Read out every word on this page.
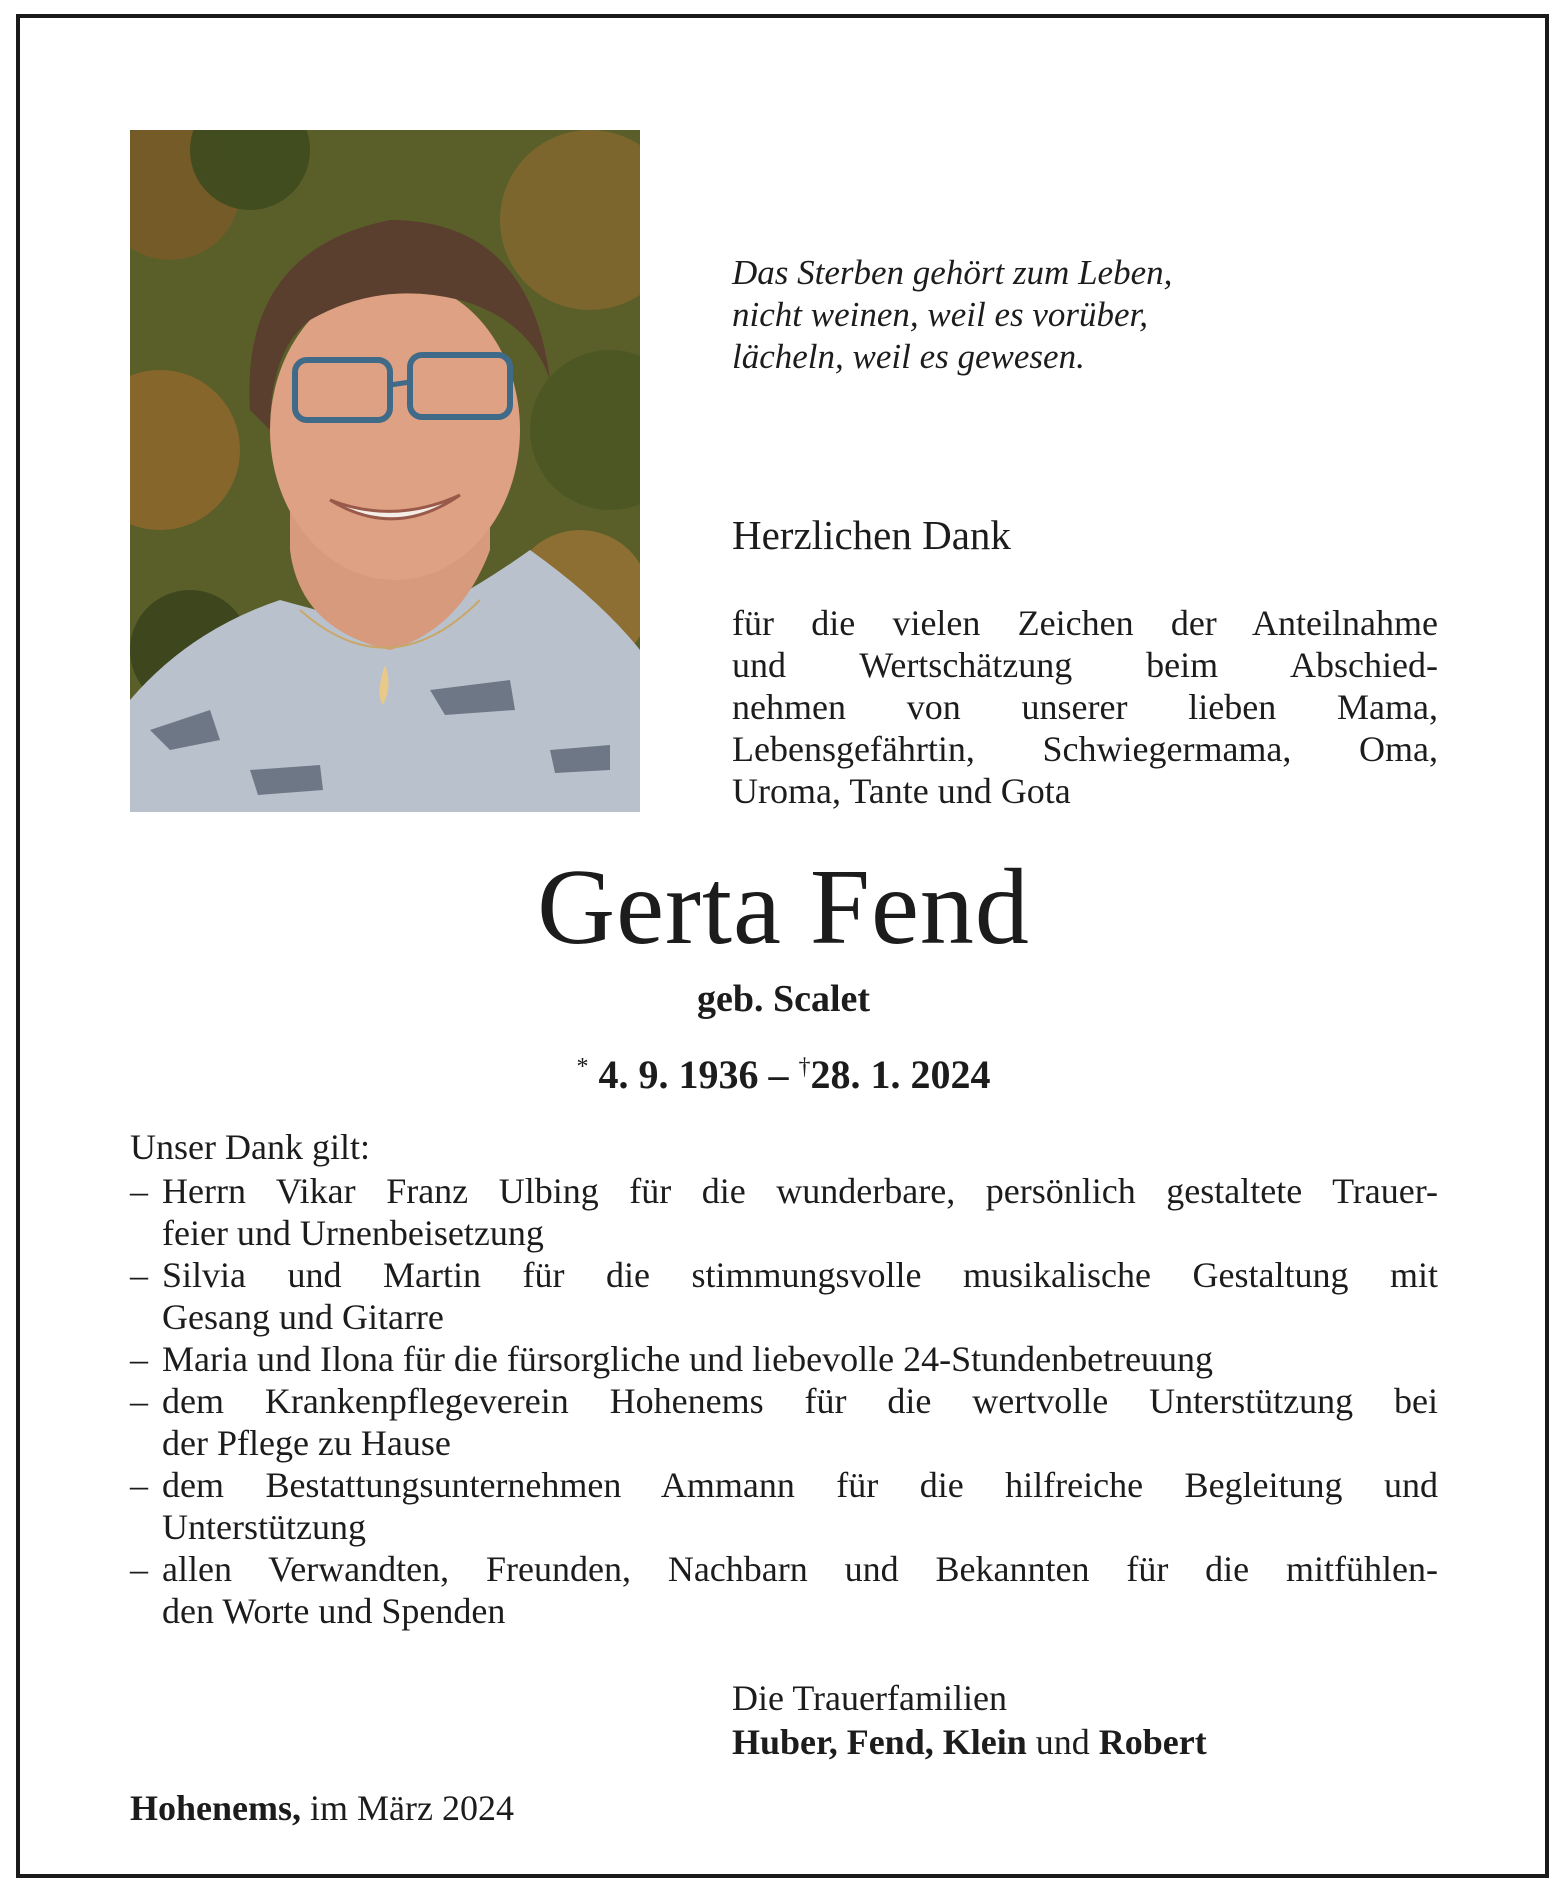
Das Sterben gehört zum Leben,
nicht weinen, weil es vorüber,
lächeln, weil es gewesen.
Herzlichen Dank
für die vielen Zeichen der Anteilnahme
und Wertschätzung beim Abschied-
nehmen von unserer lieben Mama,
Lebensgefährtin, Schwiegermama, Oma,
Uroma, Tante und Gota
Gerta Fend
geb. Scalet
* 4. 9. 1936 – †28. 1. 2024
Unser Dank gilt:
– Herrn Vikar Franz Ulbing für die wunderbare, persönlich gestaltete Trauer-
feier und Urnenbeisetzung
– Silvia und Martin für die stimmungsvolle musikalische Gestaltung mit
Gesang und Gitarre
– Maria und Ilona für die fürsorgliche und liebevolle 24-Stundenbetreuung
– dem Krankenpflegeverein Hohenems für die wertvolle Unterstützung bei
der Pflege zu Hause
– dem Bestattungsunternehmen Ammann für die hilfreiche Begleitung und
Unterstützung
– allen Verwandten, Freunden, Nachbarn und Bekannten für die mitfühlen-
den Worte und Spenden
Die Trauerfamilien
Huber, Fend, Klein und Robert
Hohenems, im März 2024
